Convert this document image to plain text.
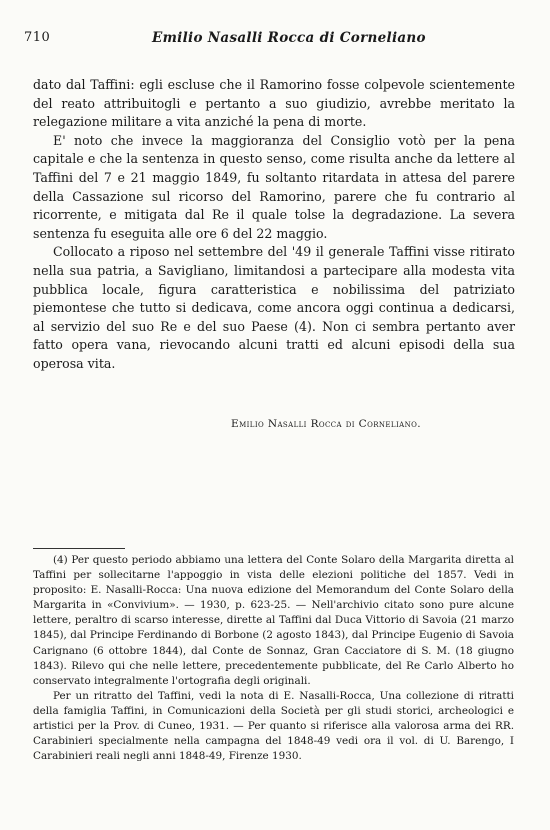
710	Emilio Nasalli Rocca di Corneliano

dato dal Taffini: egli escluse che il Ramorino fosse colpevole scientemente del reato attribuitogli e pertanto a suo giudizio, avrebbe meritato la relegazione militare a vita anziché la pena di morte.

E' noto che invece la maggioranza del Consiglio votò per la pena capitale e che la sentenza in questo senso, come risulta anche da lettere al Taffini del 7 e 21 maggio 1849, fu soltanto ritardata in attesa del parere della Cassazione sul ricorso del Ramorino, parere che fu contrario al ricorrente, e mitigata dal Re il quale tolse la degradazione. La severa sentenza fu eseguita alle ore 6 del 22 maggio.

Collocato a riposo nel settembre del '49 il generale Taffini visse ritirato nella sua patria, a Savigliano, limitandosi a partecipare alla modesta vita pubblica locale, figura caratteristica e nobilissima del patriziato piemontese che tutto si dedicava, come ancora oggi continua a dedicarsi, al servizio del suo Re e del suo Paese (4). Non ci sembra pertanto aver fatto opera vana, rievocando alcuni tratti ed alcuni episodi della sua operosa vita.

Emilio Nasalli Rocca di Corneliano.

(4) Per questo periodo abbiamo una lettera del Conte Solaro della Margarita diretta al Taffini per sollecitarne l'appoggio in vista delle elezioni politiche del 1857. Vedi in proposito: E. Nasalli-Rocca: Una nuova edizione del Memorandum del Conte Solaro della Margarita in «Convivium». — 1930, p. 623-25. — Nell'archivio citato sono pure alcune lettere, peraltro di scarso interesse, dirette al Taffini dal Duca Vittorio di Savoia (21 marzo 1845), dal Principe Ferdinando di Borbone (2 agosto 1843), dal Principe Eugenio di Savoia Carignano (6 ottobre 1844), dal Conte de Sonnaz, Gran Cacciatore di S. M. (18 giugno 1843). Rilevo qui che nelle lettere, precedentemente pubblicate, del Re Carlo Alberto ho conservato integralmente l'ortografia degli originali.

Per un ritratto del Taffini, vedi la nota di E. Nasalli-Rocca, Una collezione di ritratti della famiglia Taffini, in Comunicazioni della Società per gli studi storici, archeologici e artistici per la Prov. di Cuneo, 1931. — Per quanto si riferisce alla valorosa arma dei RR. Carabinieri specialmente nella campagna del 1848-49 vedi ora il vol. di U. Barengo, I Carabinieri reali negli anni 1848-49, Firenze 1930.
